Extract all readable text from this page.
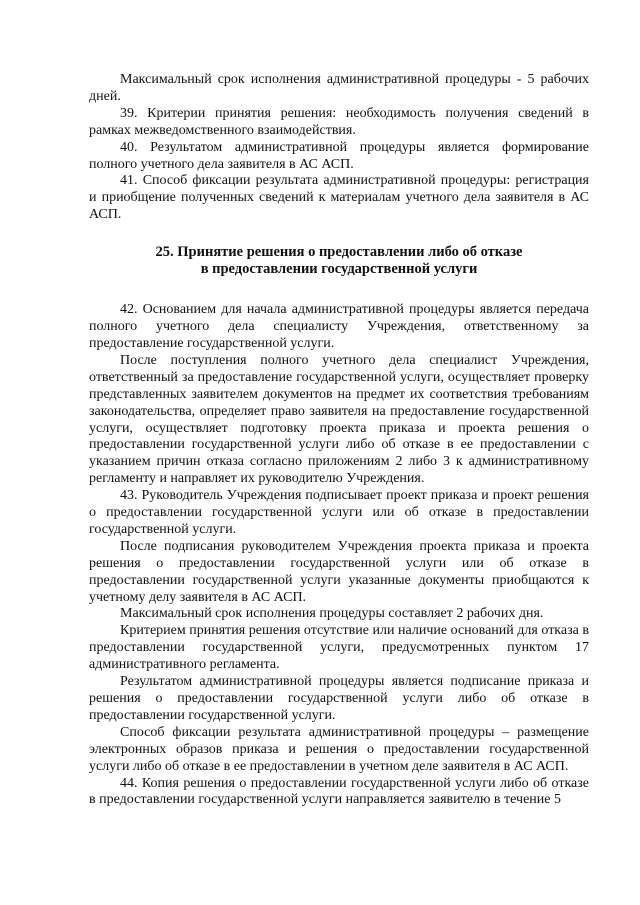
Максимальный срок исполнения административной процедуры - 5 рабочих дней.

39. Критерии принятия решения: необходимость получения сведений в рамках межведомственного взаимодействия.

40. Результатом административной процедуры является формирование полного учетного дела заявителя в АС АСП.

41. Способ фиксации результата административной процедуры: регистрация и приобщение полученных сведений к материалам учетного дела заявителя в АС АСП.

25. Принятие решения о предоставлении либо об отказе
в предоставлении государственной услуги

42. Основанием для начала административной процедуры является передача полного учетного дела специалисту Учреждения, ответственному за предоставление государственной услуги.

После поступления полного учетного дела специалист Учреждения, ответственный за предоставление государственной услуги, осуществляет проверку представленных заявителем документов на предмет их соответствия требованиям законодательства, определяет право заявителя на предоставление государственной услуги, осуществляет подготовку проекта приказа и проекта решения о предоставлении государственной услуги либо об отказе в ее предоставлении с указанием причин отказа согласно приложениям 2 либо 3 к административному регламенту и направляет их руководителю Учреждения.

43. Руководитель Учреждения подписывает проект приказа и проект решения о предоставлении государственной услуги или об отказе в предоставлении государственной услуги.

После подписания руководителем Учреждения проекта приказа и проекта решения о предоставлении государственной услуги или об отказе в предоставлении государственной услуги указанные документы приобщаются к учетному делу заявителя в АС АСП.

Максимальный срок исполнения процедуры составляет 2 рабочих дня.

Критерием принятия решения отсутствие или наличие оснований для отказа в предоставлении государственной услуги, предусмотренных пунктом 17 административного регламента.

Результатом административной процедуры является подписание приказа и решения о предоставлении государственной услуги либо об отказе в предоставлении государственной услуги.

Способ фиксации результата административной процедуры – размещение электронных образов приказа и решения о предоставлении государственной услуги либо об отказе в ее предоставлении в учетном деле заявителя в АС АСП.

44. Копия решения о предоставлении государственной услуги либо об отказе в предоставлении государственной услуги направляется заявителю в течение 5
